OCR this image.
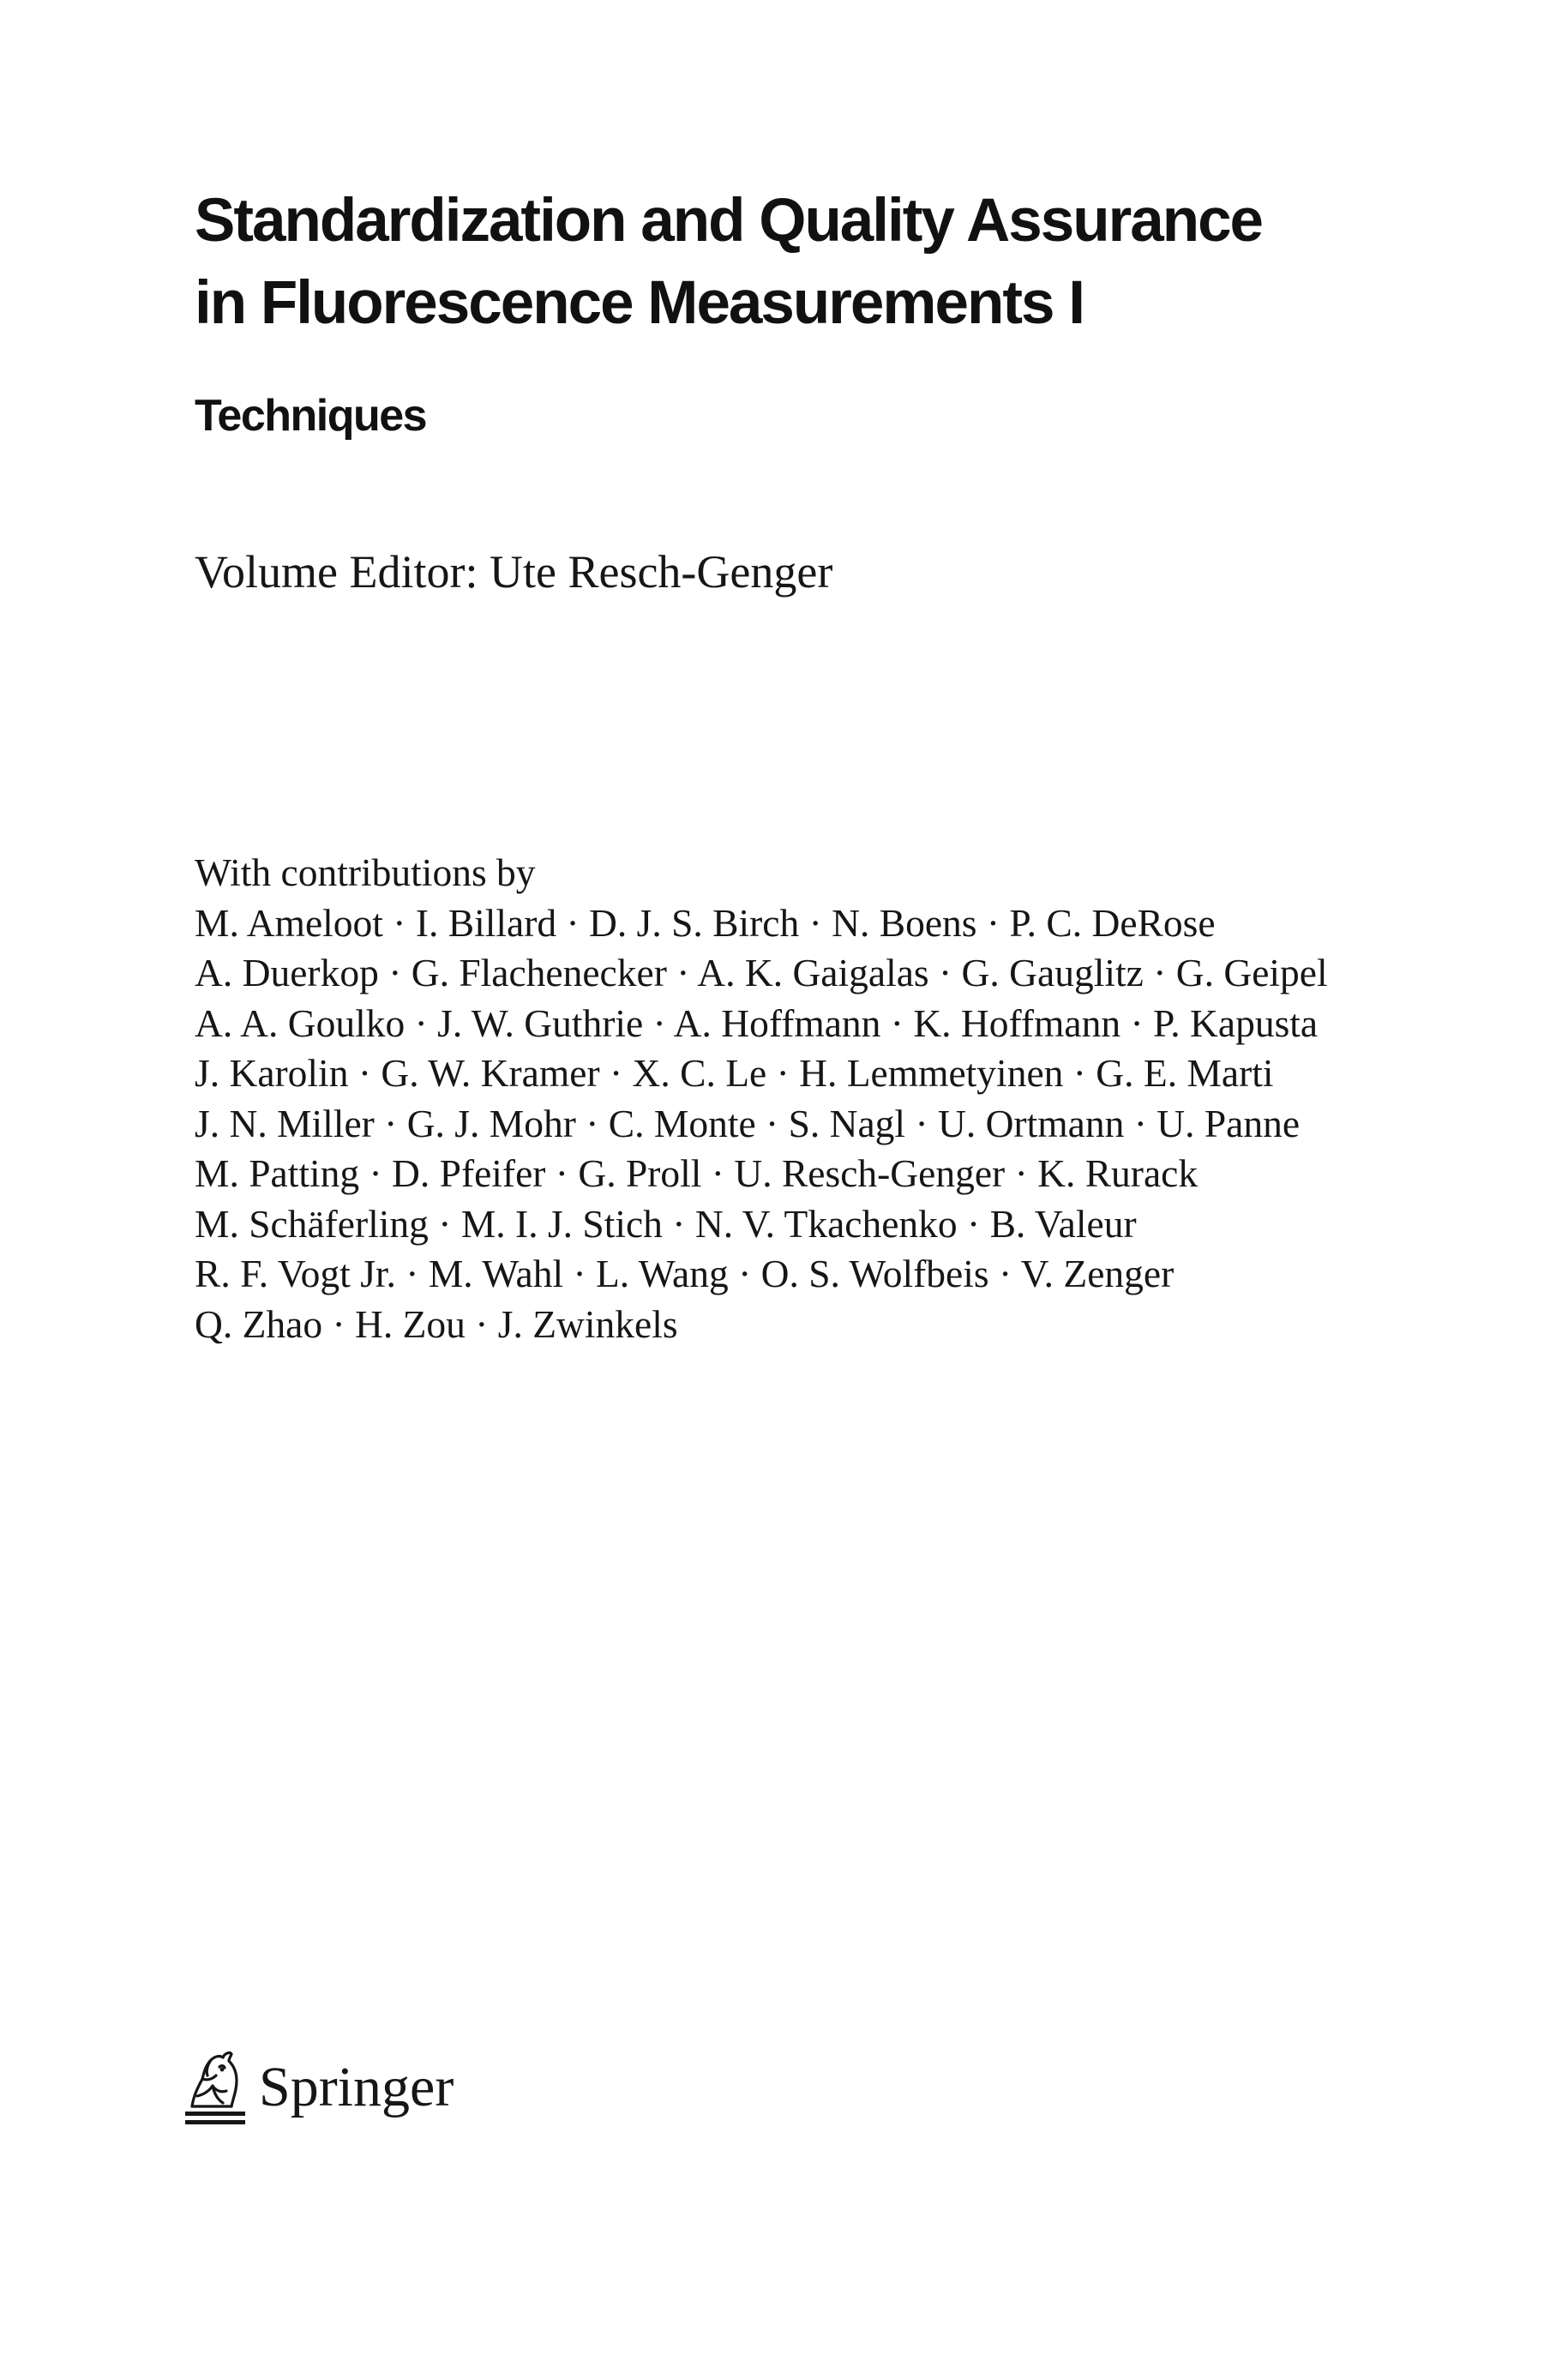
Standardization and Quality Assurance
in Fluorescence Measurements I
Techniques
Volume Editor: Ute Resch-Genger
With contributions by
M. Ameloot · I. Billard · D. J. S. Birch · N. Boens · P. C. DeRose
A. Duerkop · G. Flachenecker · A. K. Gaigalas · G. Gauglitz · G. Geipel
A. A. Goulko · J. W. Guthrie · A. Hoffmann · K. Hoffmann · P. Kapusta
J. Karolin · G. W. Kramer · X. C. Le · H. Lemmetyinen · G. E. Marti
J. N. Miller · G. J. Mohr · C. Monte · S. Nagl · U. Ortmann · U. Panne
M. Patting · D. Pfeifer · G. Proll · U. Resch-Genger · K. Rurack
M. Schäferling · M. I. J. Stich · N. V. Tkachenko · B. Valeur
R. F. Vogt Jr. · M. Wahl · L. Wang · O. S. Wolfbeis · V. Zenger
Q. Zhao · H. Zou · J. Zwinkels
Springer
